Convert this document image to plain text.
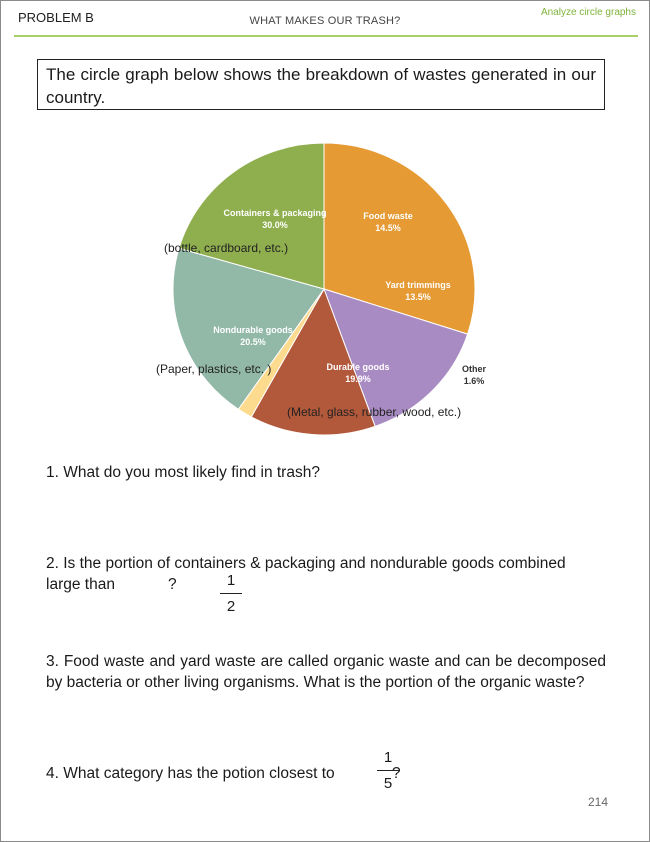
PROBLEM B	WHAT MAKES OUR TRASH?
Analyze circle graphs
The circle graph below shows the breakdown of wastes generated in our country.
Containers & packaging
30.0%
Food waste
14.5%
Yard trimmings
13.5%
Other
1.6%
Durable goods
19.9%
Nondurable goods
20.5%
(bottle, cardboard, etc.)
(Paper, plastics, etc. )
(Metal, glass, rubber, wood, etc.)
1. What do you most likely find in trash?
2. Is the portion of containers & packaging and nondurable goods combined
large than	?	1
2
3. Food waste and yard waste are called organic waste and can be decomposed by bacteria or other living organisms. What is the portion of the organic waste?
4. What category has the potion closest to
1
5
?
214
